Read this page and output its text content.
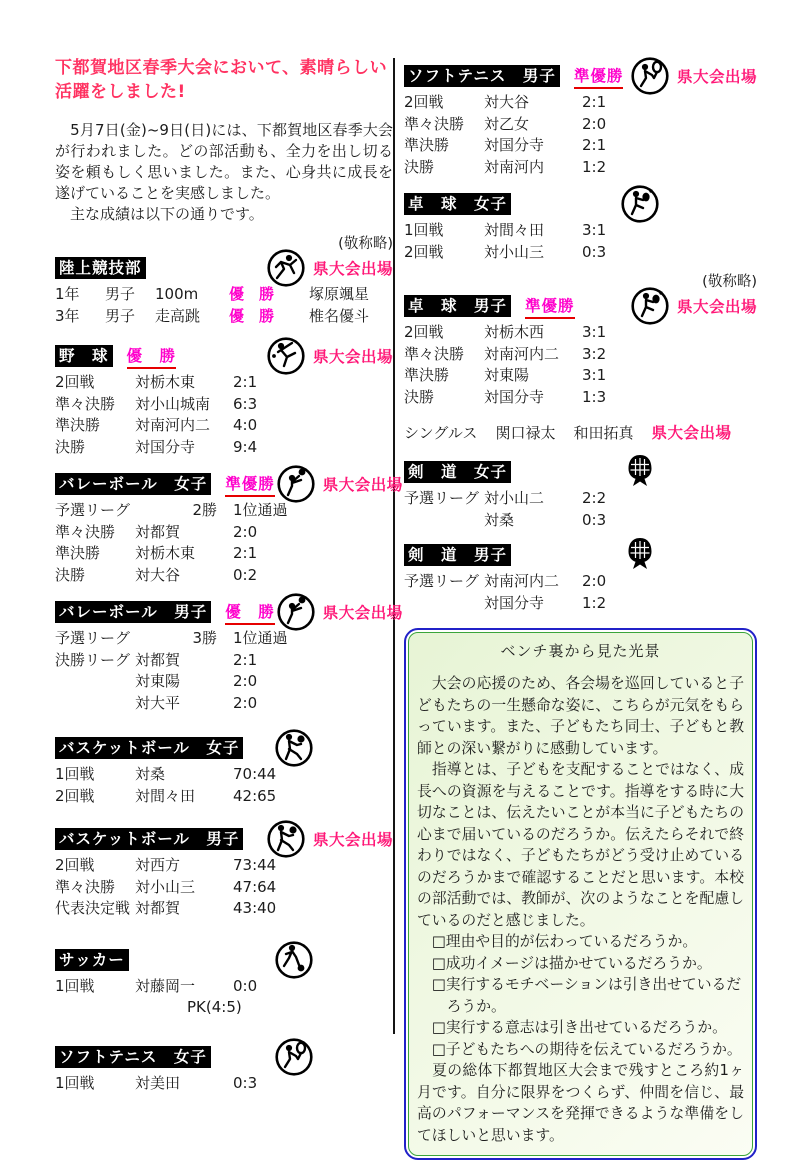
下都賀地区春季大会において、素晴らしい活躍をしました!

　5月7日(金)~9日(日)には、下都賀地区春季大会が行われました。どの部活動も、全力を出し切る姿を頼もしく思いました。また、心身共に成長を遂げていることを実感しました。

　主な成績は以下の通りです。

(敬称略)
陸上競技部	県大会出場
1年	男子	100m	優　勝	塚原颯星
3年	男子	走高跳	優　勝	椎名優斗
野　球 優　勝	県大会出場
2回戦	対栃木東	2:1
準々決勝	対小山城南	6:3
準決勝	対南河内二	4:0
決勝	対国分寺	9:4
バレーボール　女子 準優勝	県大会出場
予選リーグ	2勝	1位通過
準々決勝	対都賀	2:0
準決勝	対栃木東	2:1
決勝	対大谷	0:2
バレーボール　男子 優　勝	県大会出場
予選リーグ	3勝	1位通過
決勝リーグ 対都賀	2:1
対東陽	2:0
対大平	2:0
バスケットボール　女子
1回戦	対桑	70:44
2回戦	対間々田	42:65
バスケットボール　男子	県大会出場
2回戦	対西方	73:44
準々決勝	対小山三	47:64
代表決定戦 対都賀	43:40
サッカー
1回戦	対藤岡一	0:0
PK(4:5)
ソフトテニス　女子
1回戦	対美田	0:3
ソフトテニス　男子 準優勝	県大会出場
2回戦	対大谷	2:1
準々決勝	対乙女	2:0
準決勝	対国分寺	2:1
決勝	対南河内	1:2
卓　球　女子
1回戦	対間々田	3:1
2回戦	対小山三	0:3
(敬称略)
卓　球　男子 準優勝	県大会出場
2回戦	対栃木西	3:1
準々決勝	対南河内二	3:2
準決勝	対東陽	3:1
決勝	対国分寺	1:3
シングルス 関口禄太 和田拓真 県大会出場
剣　道　女子
予選リーグ 対小山二	2:2
対桑	0:3
剣　道　男子
予選リーグ 対南河内二	2:0
対国分寺	1:2
ベンチ裏から見た光景

　大会の応援のため、各会場を巡回していると子どもたちの一生懸命な姿に、こちらが元気をもらっています。また、子どもたち同士、子どもと教師との深い繋がりに感動しています。

　指導とは、子どもを支配することではなく、成長への資源を与えることです。指導をする時に大切なことは、伝えたいことが本当に子どもたちの心まで届いているのだろうか。伝えたらそれで終わりではなく、子どもたちがどう受け止めているのだろうかまで確認することだと思います。本校の部活動では、教師が、次のようなことを配慮しているのだと感じました。

□理由や目的が伝わっているだろうか。

□成功イメージは描かせているだろうか。

□実行するモチベーションは引き出せているだろうか。

□実行する意志は引き出せているだろうか。

□子どもたちへの期待を伝えているだろうか。

　夏の総体下都賀地区大会まで残すところ約1ヶ月です。自分に限界をつくらず、仲間を信じ、最高のパフォーマンスを発揮できるような準備をしてほしいと思います。
